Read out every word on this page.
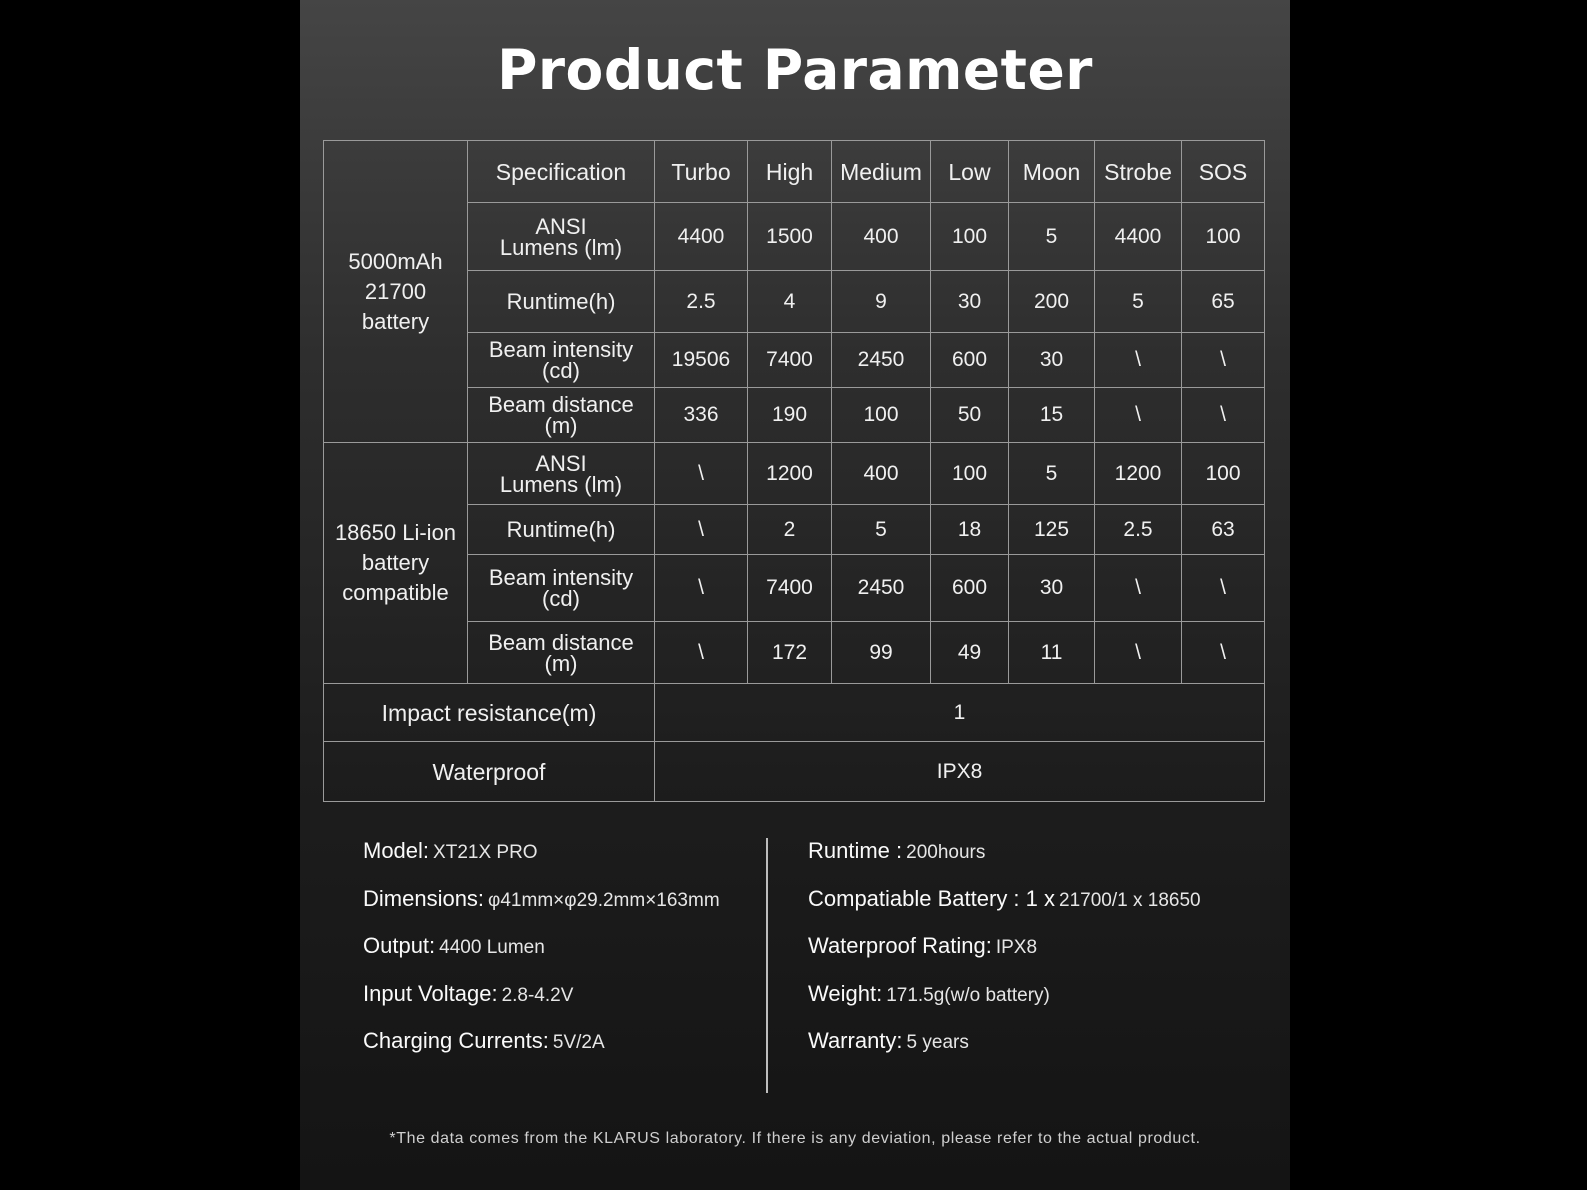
Product Parameter
5000mAh 21700 battery	Specification	Turbo	High	Medium	Low	Moon	Strobe	SOS
	ANSI Lumens (lm)	4400	1500	400	100	5	4400	100
	Runtime(h)	2.5	4	9	30	200	5	65
	Beam intensity (cd)	19506	7400	2450	600	30	\	\
	Beam distance (m)	336	190	100	50	15	\	\
18650 Li-ion battery compatible	ANSI Lumens (lm)	\	1200	400	100	5	1200	100
	Runtime(h)	\	2	5	18	125	2.5	63
	Beam intensity (cd)	\	7400	2450	600	30	\	\
	Beam distance (m)	\	172	99	49	11	\	\
Impact resistance(m)		1						
Waterproof		IPX8						
Model: XT21X PRO
Dimensions: φ41mm×φ29.2mm×163mm
Output: 4400 Lumen
Input Voltage: 2.8-4.2V
Charging Currents: 5V/2A
Runtime : 200hours
Compatiable Battery : 1 x 21700/1 x 18650
Waterproof Rating: IPX8
Weight: 171.5g(w/o battery)
Warranty: 5 years
*The data comes from the KLARUS laboratory. If there is any deviation, please refer to the actual product.
